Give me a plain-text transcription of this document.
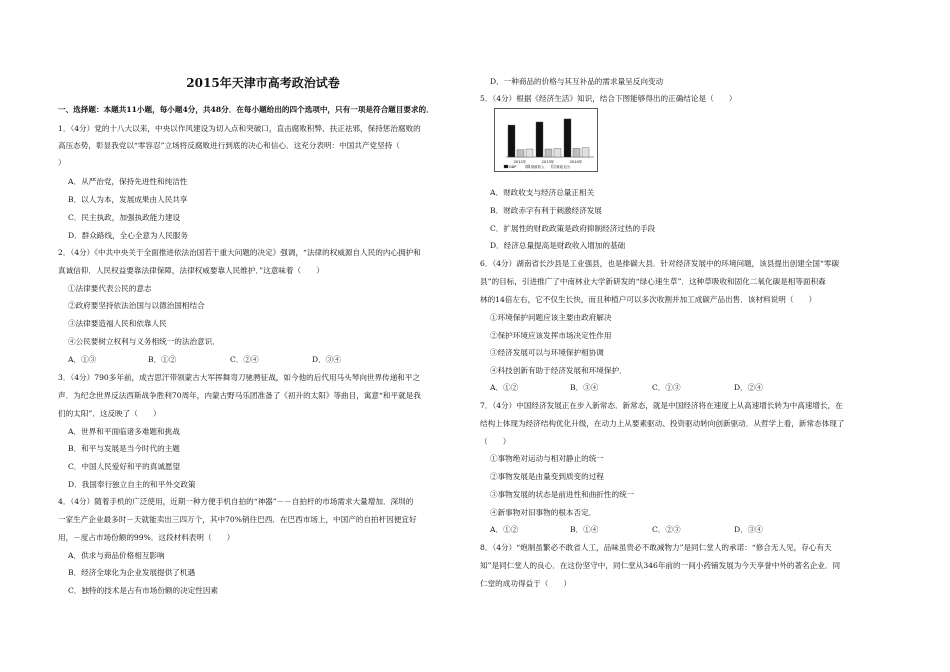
2015年天津市高考政治试卷
一、选择题：本题共11小题，每小题4分，共48分．在每小题给出的四个选项中，只有一项是符合题目要求的．
1．（4分）党的十八大以来，中央以作风建设为切入点和突破口，直击腐败积弊、扶正祛邪，保持惩治腐败的
高压态势，彰显我党以“零容忍”立场将反腐败进行到底的决心和信心．这充分表明：中国共产党坚持（
）
A．从严治党，保持先进性和纯洁性
B．以人为本，发展成果由人民共享
C．民主执政，加强执政能力建设
D．群众路线，全心全意为人民服务
2．（4分）《中共中央关于全面推进依法治国若干重大问题的决定》强调，“法律的权威源自人民的内心拥护和
真诚信仰．人民权益要靠法律保障，法律权威要靠人民维护．”这意味着（　　）
①法律要代表公民的意志
②政府要坚持依法治国与以德治国相结合
③法律要造福人民和依靠人民
④公民要树立权利与义务相统一的法治意识．
A．①③	B．①②	C．②④	D．③④
3．（4分）790多年前，成吉思汗带领蒙古大军挥舞弯刀驰骋征战，如今他的后代用马头琴向世界传递和平之
声．为纪念世界反法西斯战争胜利70周年，内蒙古野马乐团准备了《初升的太阳》等曲目，寓意“和平就是我
们的太阳”．这反映了（　　）
A．世界和平面临诸多难题和挑战
B．和平与发展是当今时代的主题
C．中国人民爱好和平的真诚愿望
D．我国奉行独立自主的和平外交政策
4．（4分）随着手机的广泛使用，近期一种方便手机自拍的“神器”－－自拍杆的市场需求大量增加．深圳的
一家生产企业最多时－天就能卖出三四万个，其中70%销往巴西．在巴西市场上，中国产的自拍杆因便宜好
用，－度占市场份额的99%．这段材料表明（　　）
A．供求与商品价格相互影响
B．经济全球化为企业发展提供了机遇
C．独特的技术是占有市场份额的决定性因素
D．一种商品的价格与其互补品的需求量呈反向变动
5．（4分）根据《经济生活》知识，结合下图能够得出的正确结论是（　　）
2012年	2013年	2014年
GDP	财政收入	财政支出
A．财政收支与经济总量正相关
B．财政赤字有利于刺激经济发展
C．扩展性的财政政策是政府抑制经济过热的手段
D．经济总量提高是财政收入增加的基础
6．（4分）湖南省长沙县是工业强县，也是排碳大县．针对经济发展中的环境问题，该县提出创建全国“零碳
县”的目标，引进推广了中南林业大学新研发的“绿心速生草”．这种草吸收和固化二氧化碳是相等面积森
林的14倍左右，它不仅生长快，而且种植户可以多次收割并加工成碳产品出售．该材料说明（　　）
①环境保护问题应该主要由政府解决
②保护环境应该发挥市场决定性作用
③经济发展可以与环境保护相协调
④科技创新有助于经济发展和环境保护．
A．①②	B．③④	C．①③	D．②④
7．（4分）中国经济发展正在步入新常态．新常态，就是中国经济将在速度上从高速增长转为中高速增长，在
结构上体现为经济结构优化升级，在动力上从要素驱动、投资驱动转向创新驱动．从哲学上看，新常态体现了
（　　）
①事物绝对运动与相对静止的统一
②事物发展是由量变到质变的过程
③事物发展的状态是前进性和曲折性的统一
④新事物对旧事物的根本否定．
A．①②	B．①④	C．②③	D．③④
8．（4分）“炮制虽繁必不敢省人工，品味虽贵必不敢减物力”是同仁堂人的承诺：“修合无人见，存心有天
知”是同仁堂人的良心．在这份坚守中，同仁堂从346年前的一间小药铺发展为今天享誉中外的著名企业．同
仁堂的成功得益于（　　）
